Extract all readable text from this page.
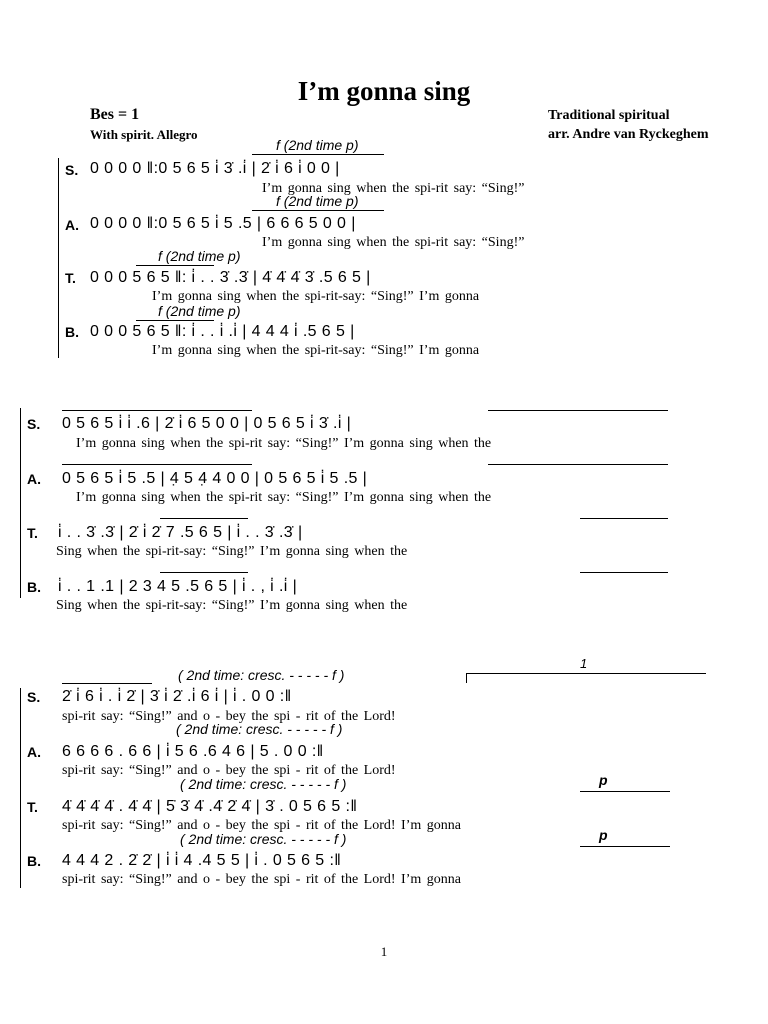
I’m gonna sing
Bes = 1
With spirit. Allegro
Traditional spiritual
arr. Andre van Ryckeghem
f (2nd time p)
S. 0 0 0 0 ‖:0 5 6 5 i̇ 3̇ .i̇ | 2̇ i̇ 6 i̇ 0 0 |
I’m gonna sing when the spi-rit say: “Sing!”
f (2nd time p)
A. 0 0 0 0 ‖:0 5 6 5 i̇ 5 .5 | 6 6 6 5 0 0 |
I’m gonna sing when the spi-rit say: “Sing!”
f (2nd time p)
T. 0 0 0 5 6 5 ‖: i̇ . . 3̇ .3̇ | 4̇ 4̇ 4̇ 3̇ .5 6 5 |
I’m gonna sing when the spi-rit-say: “Sing!” I’m gonna
f (2nd time p)
B. 0 0 0 5 6 5 ‖: i̇ . . i̇ .i̇ | 4 4 4 i̇ .5 6 5 |
I’m gonna sing when the spi-rit-say: “Sing!” I’m gonna
S. 0 5 6 5 i̇ i̇ .6 | 2̇ i̇ 6 5 0 0 | 0 5 6 5 i̇ 3̇ .i̇ |
I’m gonna sing when the spi-rit say: “Sing!” I’m gonna sing when the
A. 0 5 6 5 i̇ 5 .5 | 4̣ 5 4̣ 4 0 0 | 0 5 6 5 i̇ 5 .5 |
I’m gonna sing when the spi-rit say: “Sing!” I’m gonna sing when the
T. i̇ . . 3̇ .3̇ | 2̇ i̇ 2̇ 7 .5 6 5 | i̇ . . 3̇ .3̇ |
Sing when the spi-rit-say: “Sing!” I’m gonna sing when the
B. i̇ . . 1 .1 | 2 3 4 5 .5 6 5 | i̇ . , i̇ .i̇ |
Sing when the spi-rit-say: “Sing!” I’m gonna sing when the
1
( 2nd time: cresc. - - - - - f )
S. 2̇ i̇ 6 i̇ . i̇ 2̇ | 3̇ i̇ 2̇ .i̇ 6 i̇ | i̇ . 0 0 :‖
spi-rit say: “Sing!” and o - bey the spi - rit of the Lord!
( 2nd time: cresc. - - - - - f )
A. 6 6 6 6 . 6 6 | i̇ 5 6 .6 4 6 | 5 . 0 0 :‖
spi-rit say: “Sing!” and o - bey the spi - rit of the Lord!
( 2nd time: cresc. - - - - - f )	p
T. 4̇ 4̇ 4̇ 4̇ . 4̇ 4̇ | 5̇ 3̇ 4̇ .4̇ 2̇ 4̇ | 3̇ . 0 5 6 5 :‖
spi-rit say: “Sing!” and o - bey the spi - rit of the Lord! I’m gonna
( 2nd time: cresc. - - - - - f )	p
B. 4 4 4 2 . 2̇ 2̇ | i̇ i̇ 4 .4 5 5 | i̇ . 0 5 6 5 :‖
spi-rit say: “Sing!” and o - bey the spi - rit of the Lord! I’m gonna
1
